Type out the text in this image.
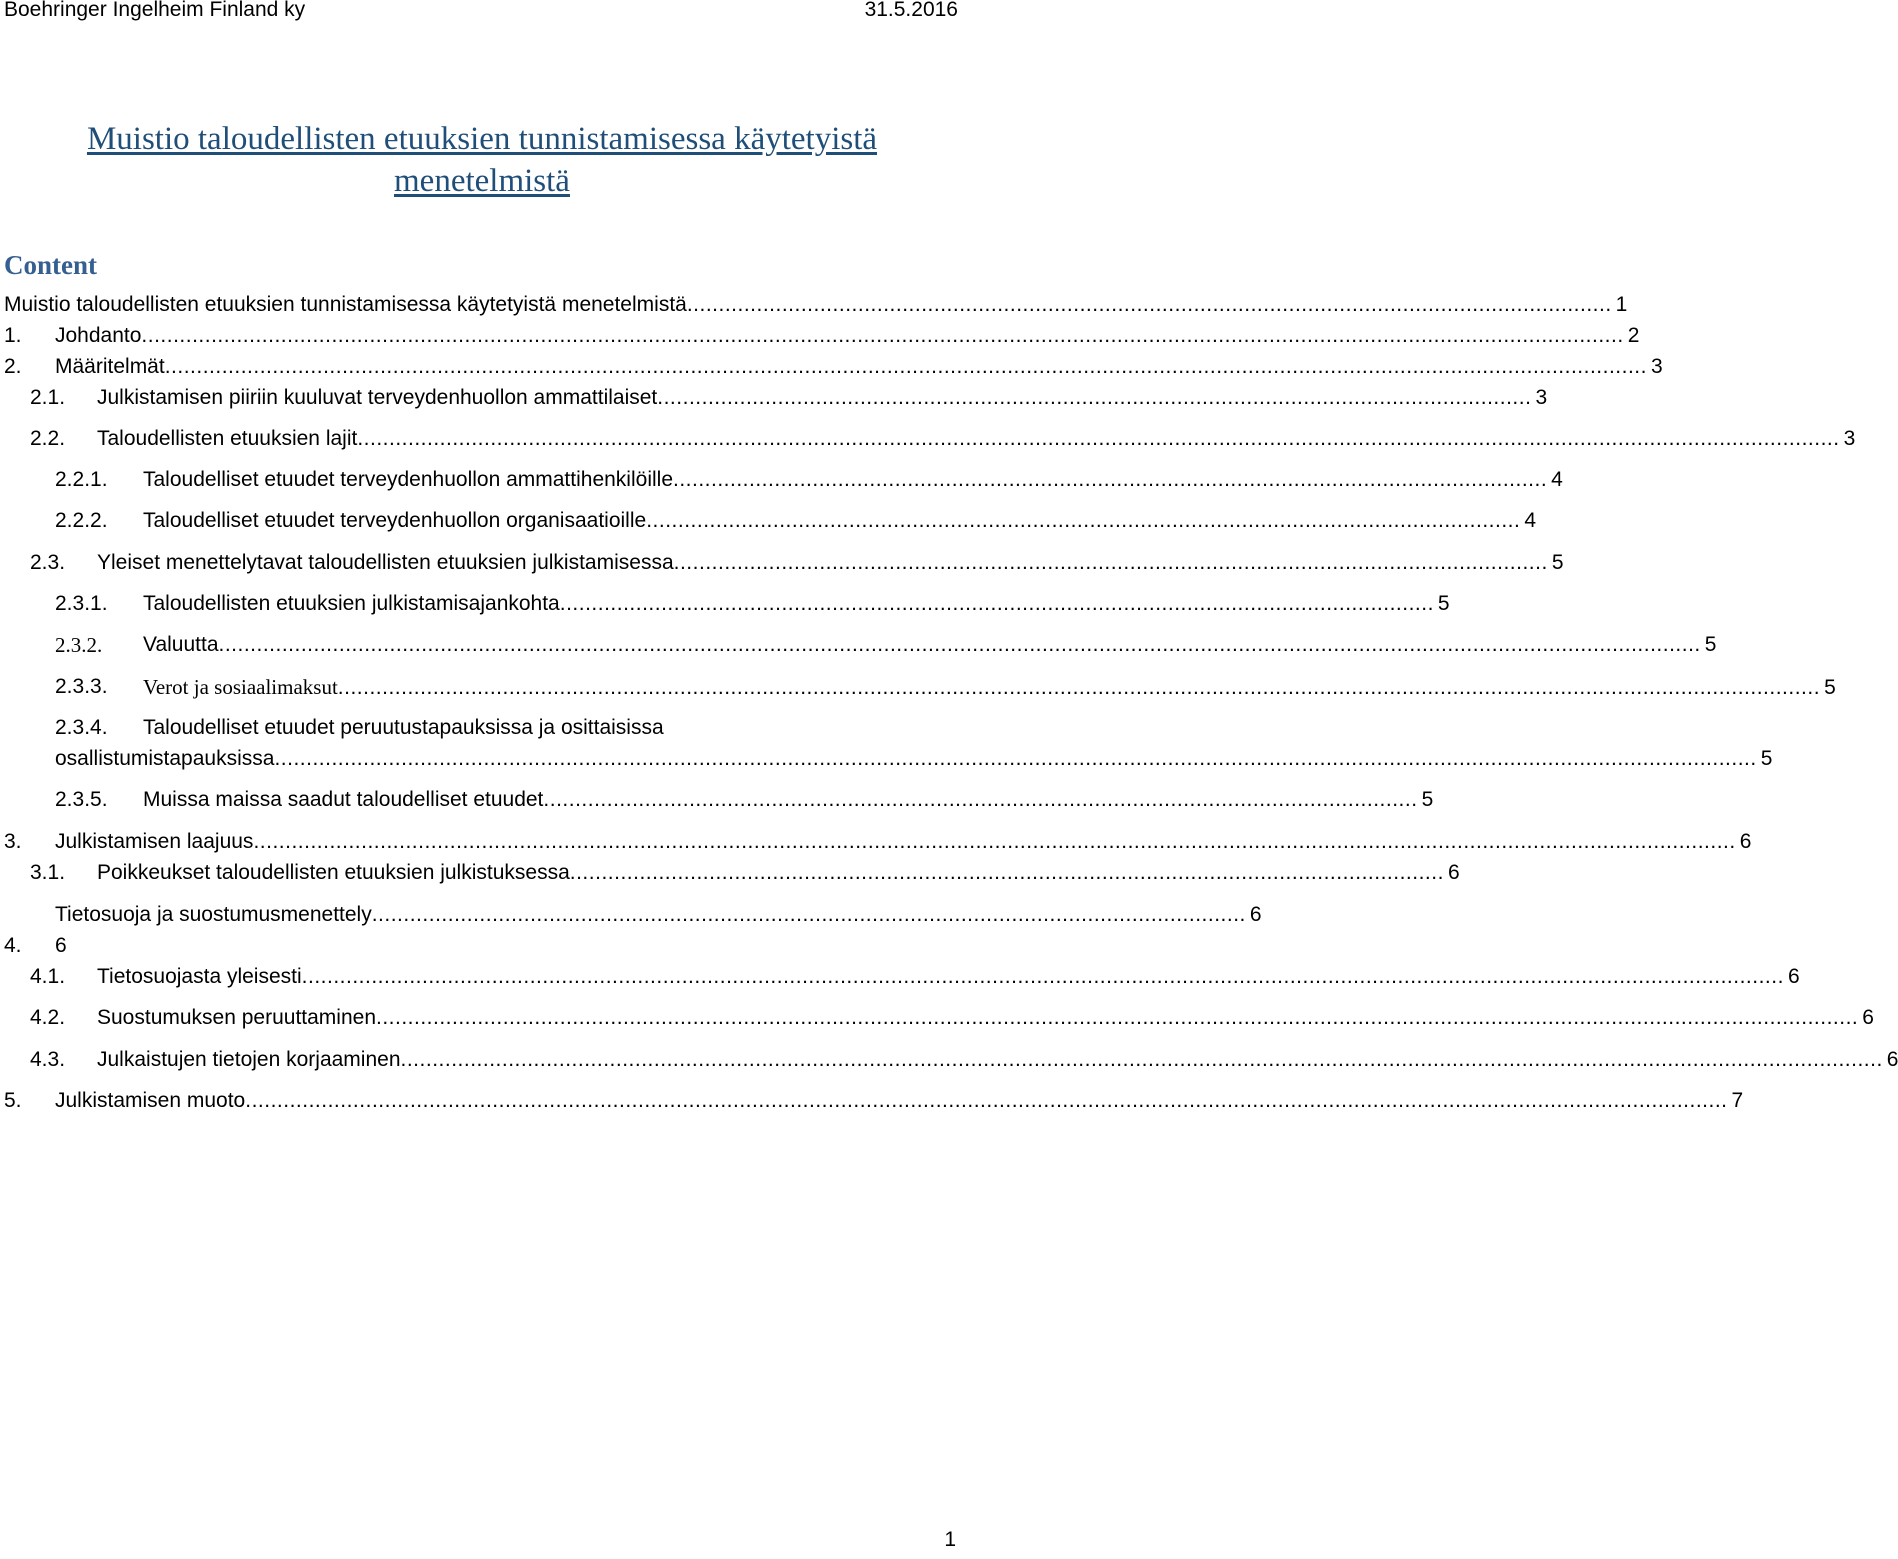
Boehringer Ingelheim Finland ky	31.5.2016
Muistio taloudellisten etuuksien tunnistamisessa käytetyistä
menetelmistä
Content
Muistio taloudellisten etuuksien tunnistamisessa käytetyistä menetelmistä .................................................................................................................................................. 1
1. Johdanto .......................................................................................................................................................................................................................................... 2
2. Määritelmät .......................................................................................................................................................................................................................................... 3
2.1. Julkistamisen piiriin kuuluvat terveydenhuollon ammattilaiset .......................................................................................................................................... 3
2.2. Taloudellisten etuuksien lajit .......................................................................................................................................................................................................................................... 3
2.2.1. Taloudelliset etuudet terveydenhuollon ammattihenkilöille .......................................................................................................................................... 4
2.2.2. Taloudelliset etuudet terveydenhuollon organisaatioille .......................................................................................................................................... 4
2.3. Yleiset menettelytavat taloudellisten etuuksien julkistamisessa .......................................................................................................................................... 5
2.3.1. Taloudellisten etuuksien julkistamisajankohta .......................................................................................................................................... 5
2.3.2. Valuutta .......................................................................................................................................................................................................................................... 5
2.3.3. Verot ja sosiaalimaksut .......................................................................................................................................................................................................................................... 5
2.3.4. Taloudelliset etuudet peruutustapauksissa ja osittaisissa
osallistumistapauksissa .......................................................................................................................................................................................................................................... 5
2.3.5. Muissa maissa saadut taloudelliset etuudet .......................................................................................................................................... 5
3. Julkistamisen laajuus .......................................................................................................................................................................................................................................... 6
3.1. Poikkeukset taloudellisten etuuksien julkistuksessa .......................................................................................................................................... 6
Tietosuoja ja suostumusmenettely .......................................................................................................................................... 6
4. 6
4.1. Tietosuojasta yleisesti .......................................................................................................................................................................................................................................... 6
4.2. Suostumuksen peruuttaminen .......................................................................................................................................................................................................................................... 6
4.3. Julkaistujen tietojen korjaaminen .......................................................................................................................................................................................................................................... 6
5. Julkistamisen muoto .......................................................................................................................................................................................................................................... 7
1
